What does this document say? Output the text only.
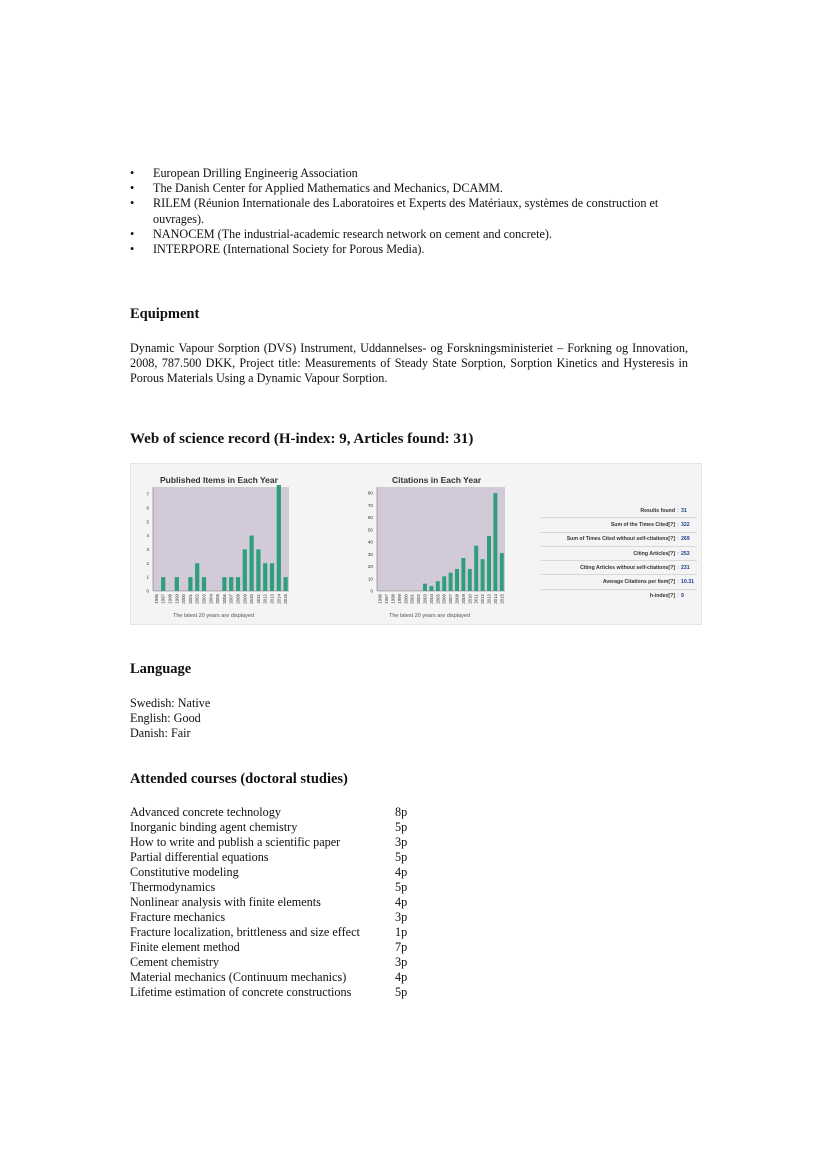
• European Drilling Engineerig Association
• The Danish Center for Applied Mathematics and Mechanics, DCAMM.
• RILEM (Réunion Internationale des Laboratoires et Experts des Matériaux, systèmes de construction et ouvrages).
• NANOCEM (The industrial-academic research network on cement and concrete).
• INTERPORE (International Society for Porous Media).
Equipment

Dynamic Vapour Sorption (DVS) Instrument, Uddannelses- og Forskningsministeriet – Forkning og Innovation, 2008, 787.500 DKK, Project title: Measurements of Steady State Sorption, Sorption Kinetics and Hysteresis in Porous Materials Using a Dynamic Vapour Sorption.

Web of science record (H-index: 9, Articles found: 31)
Published Items in Each Year
0
1
2
3
4
5
6
7
1996 1997 1998 1999 2000 2001 2002 2003 2004 2005 2006 2007 2008 2009 2010 2011 2012 2013 2014 2015
The latest 20 years are displayed
Citations in Each Year
0
10
20
30
40
50
60
70
80
1996 1997 1998 1999 2000 2001 2002 2003 2004 2005 2006 2007 2008 2009 2010 2011 2012 2013 2014 2015
The latest 20 years are displayed
Results found : 31
Sum of the Times Cited[?] : 322
Sum of Times Cited without self-citations[?] : 269
Citing Articles[?] : 253
Citing Articles without self-citations[?] : 231
Average Citations per Item[?] : 10.31
h-index[?] : 9
Language
Swedish: Native
English: Good
Danish: Fair
Attended courses (doctoral studies)
Advanced concrete technology	8p
Inorganic binding agent chemistry	5p
How to write and publish a scientific paper	3p
Partial differential equations	5p
Constitutive modeling	4p
Thermodynamics	5p
Nonlinear analysis with finite elements	4p
Fracture mechanics	3p
Fracture localization, brittleness and size effect	1p
Finite element method	7p
Cement chemistry	3p
Material mechanics (Continuum mechanics)	4p
Lifetime estimation of concrete constructions	5p
